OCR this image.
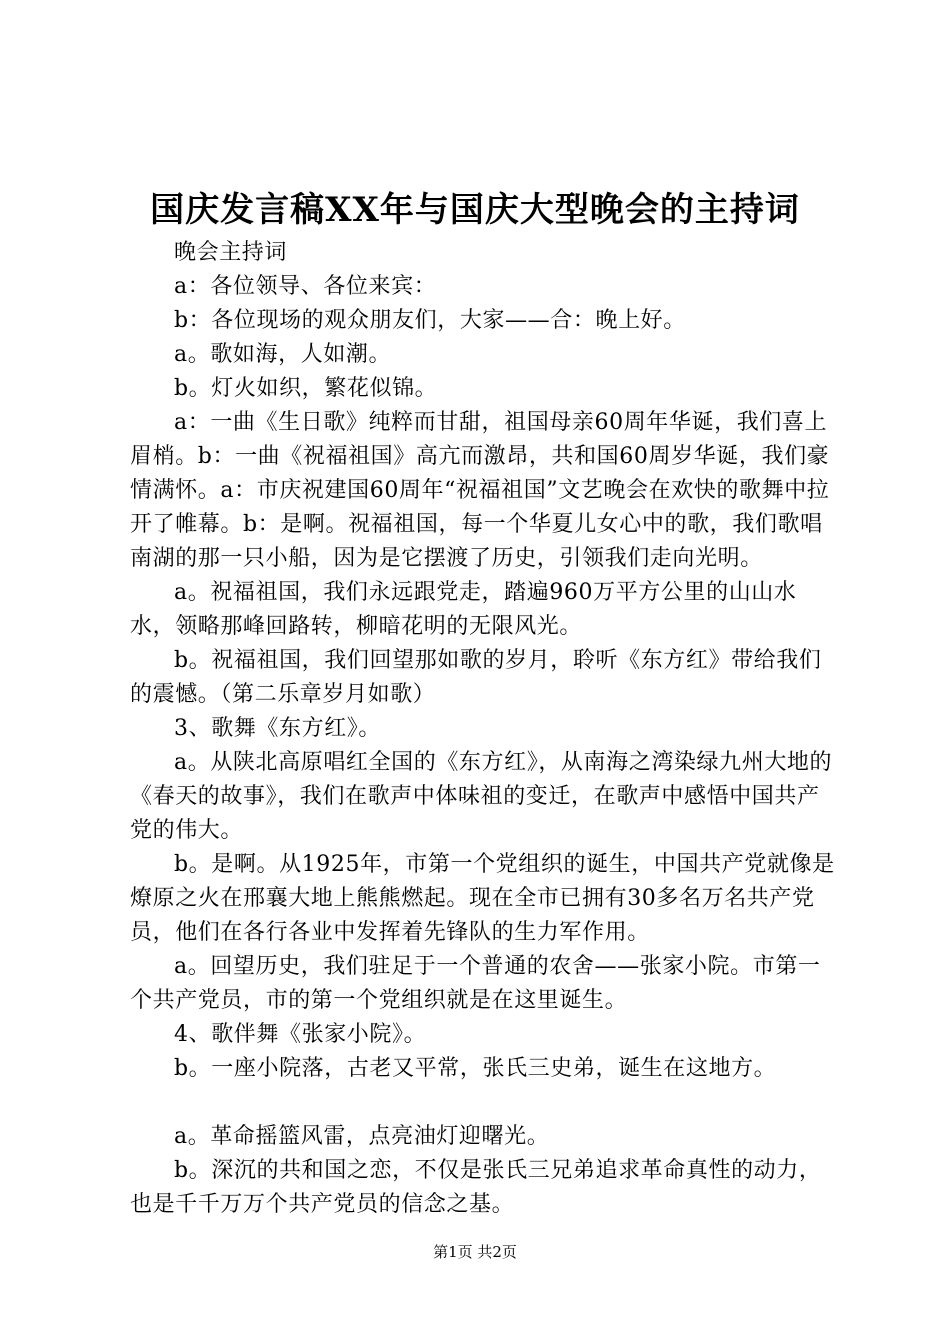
国庆发言稿XX年与国庆大型晚会的主持词

晚会主持词

a：各位领导、各位来宾：

b：各位现场的观众朋友们，大家——合：晚上好。

a。歌如海，人如潮。

b。灯火如织，繁花似锦。

a：一曲《生日歌》纯粹而甘甜，祖国母亲60周年华诞，我们喜上眉梢。b：一曲《祝福祖国》高亢而激昂，共和国60周岁华诞，我们豪情满怀。a：市庆祝建国60周年“祝福祖国”文艺晚会在欢快的歌舞中拉开了帷幕。b：是啊。祝福祖国，每一个华夏儿女心中的歌，我们歌唱南湖的那一只小船，因为是它摆渡了历史，引领我们走向光明。

a。祝福祖国，我们永远跟党走，踏遍960万平方公里的山山水水，领略那峰回路转，柳暗花明的无限风光。

b。祝福祖国，我们回望那如歌的岁月，聆听《东方红》带给我们的震憾。（第二乐章岁月如歌）

3、歌舞《东方红》。

a。从陕北高原唱红全国的《东方红》，从南海之湾染绿九州大地的《春天的故事》，我们在歌声中体味祖的变迁，在歌声中感悟中国共产党的伟大。

b。是啊。从1925年，市第一个党组织的诞生，中国共产党就像是燎原之火在邢襄大地上熊熊燃起。现在全市已拥有30多名万名共产党员，他们在各行各业中发挥着先锋队的生力军作用。

a。回望历史，我们驻足于一个普通的农舍——张家小院。市第一个共产党员，市的第一个党组织就是在这里诞生。

4、歌伴舞《张家小院》。

b。一座小院落，古老又平常，张氏三史弟，诞生在这地方。

a。革命摇篮风雷，点亮油灯迎曙光。

b。深沉的共和国之恋，不仅是张氏三兄弟追求革命真性的动力，也是千千万万个共产党员的信念之基。

第1页 共2页
